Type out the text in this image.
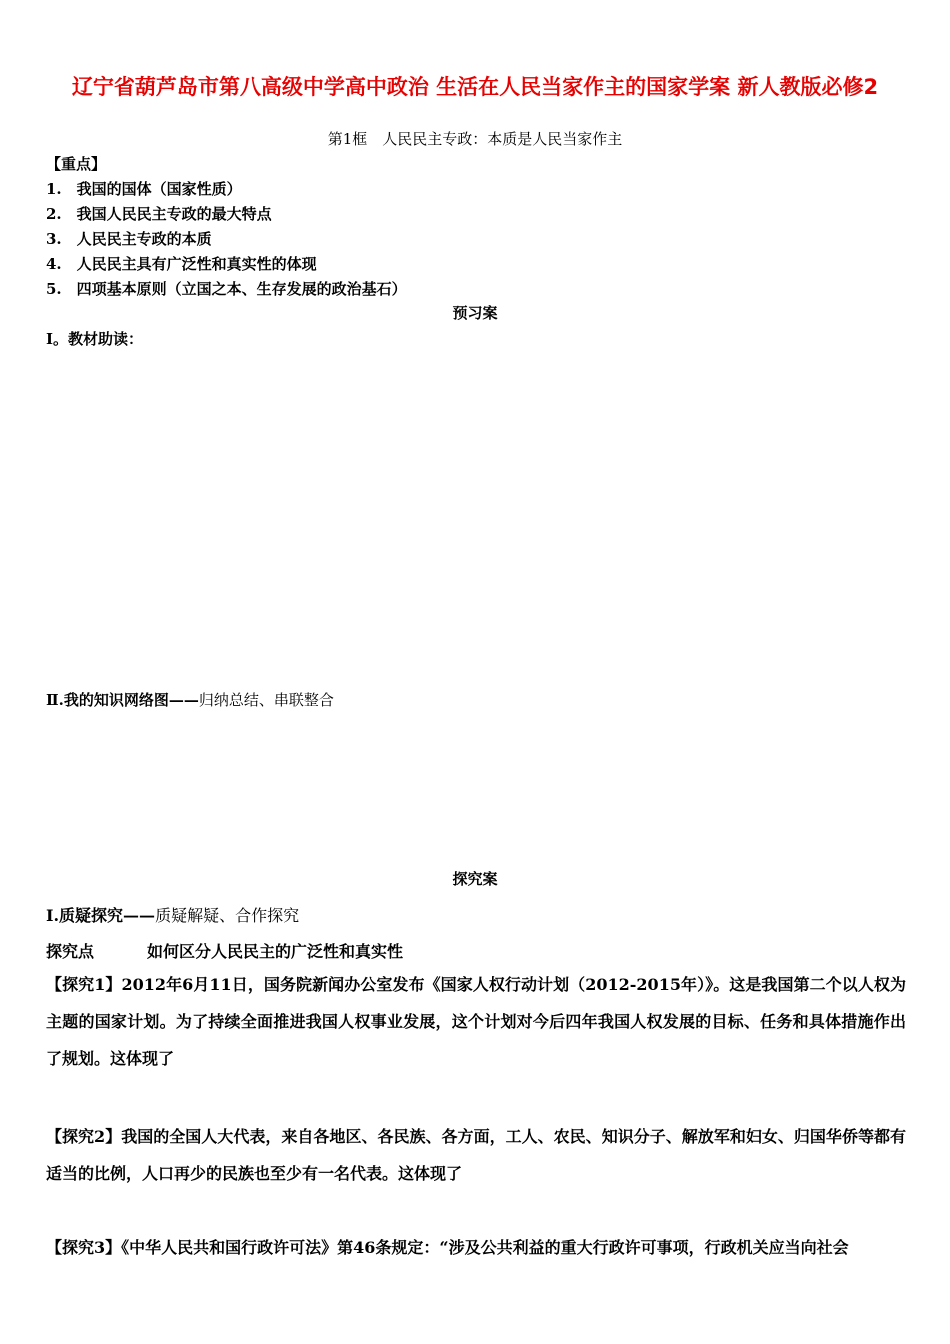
辽宁省葫芦岛市第八高级中学高中政治 生活在人民当家作主的国家学案 新人教版必修2
第1框　人民民主专政：本质是人民当家作主
【重点】
1.　我国的国体（国家性质）
2.　我国人民民主专政的最大特点
3.　人民民主专政的本质
4.　人民民主具有广泛性和真实性的体现
5.　四项基本原则（立国之本、生存发展的政治基石）
预习案
Ⅰ。教材助读：
Ⅱ.我的知识网络图——归纳总结、串联整合
探究案
Ⅰ.质疑探究——质疑解疑、合作探究
探究点	如何区分人民民主的广泛性和真实性
【探究1】2012年6月11日，国务院新闻办公室发布《国家人权行动计划（2012-2015年）》。这是我国第二个以人权为主题的国家计划。为了持续全面推进我国人权事业发展，这个计划对今后四年我国人权发展的目标、任务和具体措施作出了规划。这体现了
【探究2】我国的全国人大代表，来自各地区、各民族、各方面，工人、农民、知识分子、解放军和妇女、归国华侨等都有适当的比例，人口再少的民族也至少有一名代表。这体现了
【探究3】《中华人民共和国行政许可法》第46条规定：“涉及公共利益的重大行政许可事项，行政机关应当向社会
